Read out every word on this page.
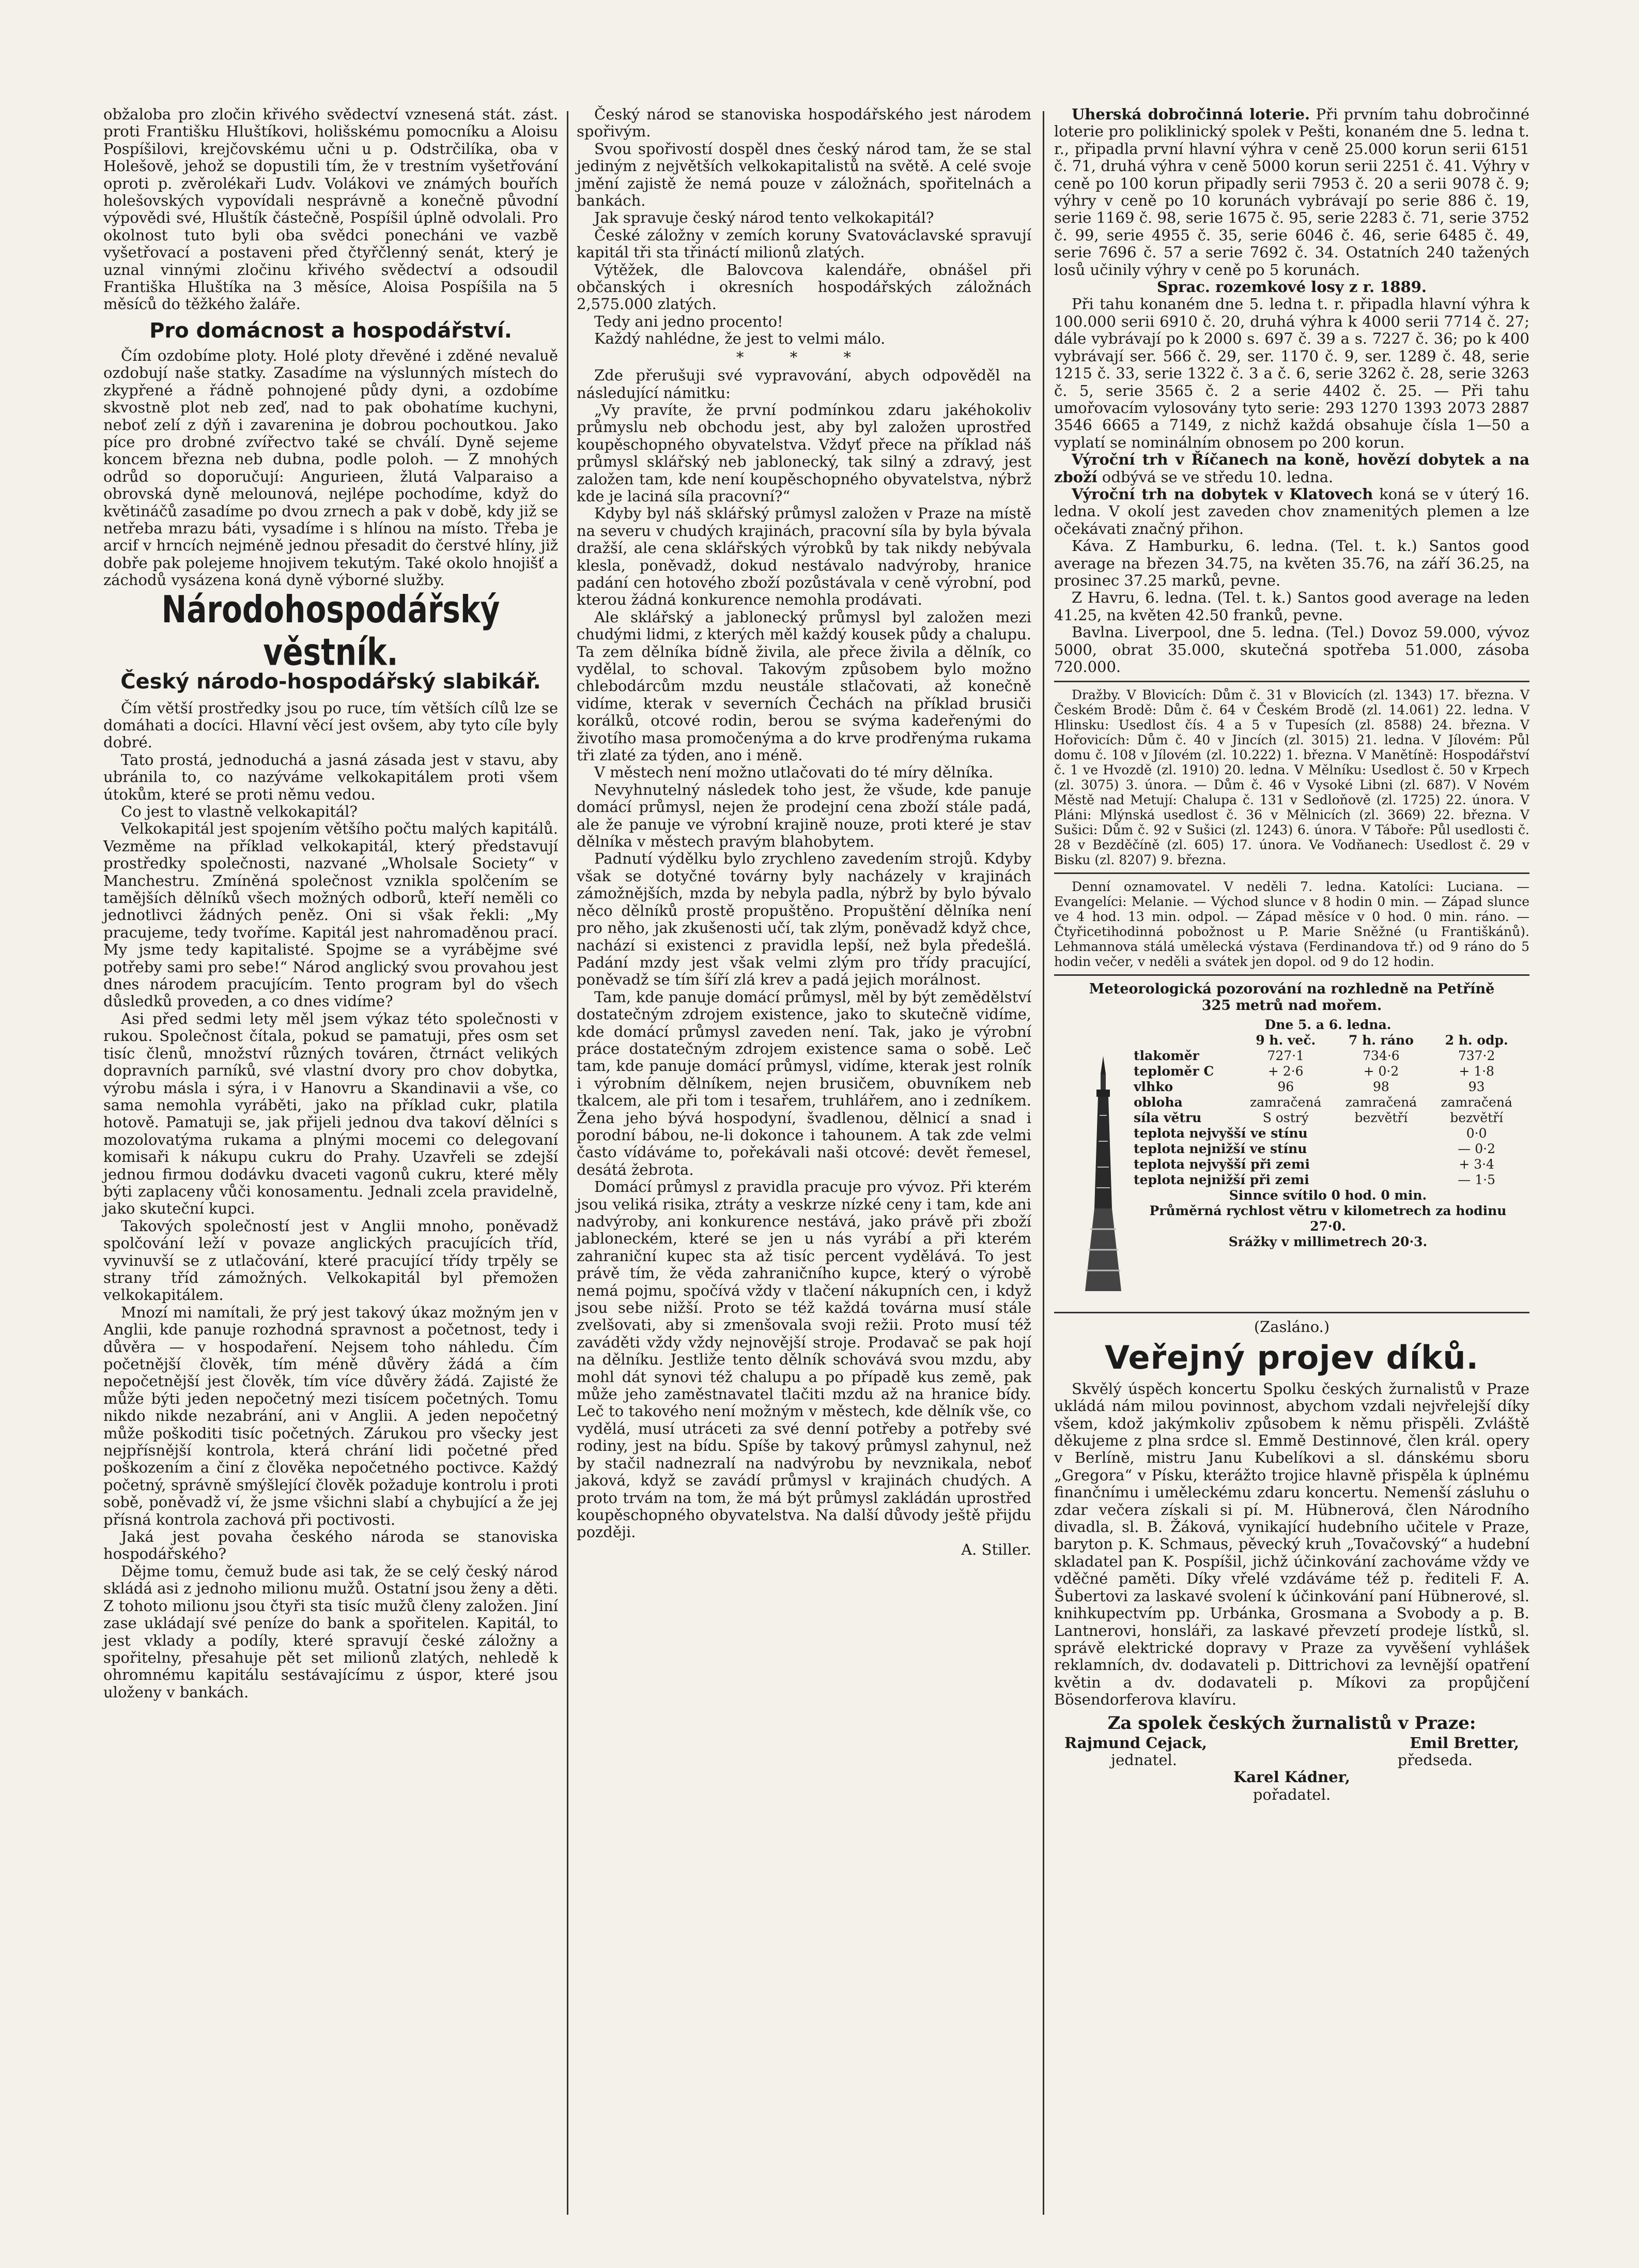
obžaloba pro zločin křivého svědectví vznesená stát. zást. proti Františku Hluštíkovi, holišskému pomocníku a Aloisu Pospíšilovi, krejčovskému učni u p. Odstrčilíka, oba v Holešově, jehož se dopustili tím, že v trestním vyšetřování oproti p. zvěrolékaři Ludv. Volákovi ve známých bouřích holešovských vypovídali nesprávně a konečně původní výpovědi své, Hluštík částečně, Pospíšil úplně odvolali. Pro okolnost tuto byli oba svědci ponecháni ve vazbě vyšetřovací a postaveni před čtyřčlenný senát, který je uznal vinnými zločinu křivého svědectví a odsoudil Františka Hluštíka na 3 měsíce, Aloisa Pospíšila na 5 měsíců do těžkého žaláře.

Pro domácnost a hospodářství.

Čím ozdobíme ploty. Holé ploty dřevěné i zděné nevaluě ozdobují naše statky. Zasadíme na výslunných místech do zkypřené a řádně pohnojené půdy dyni, a ozdobíme skvostně plot neb zeď, nad to pak obohatíme kuchyni, neboť zelí z dýň i zavarenina je dobrou pochoutkou. Jako píce pro drobné zvířectvo také se chválí. Dyně sejeme koncem března neb dubna, podle poloh. — Z mnohých odrůd so doporučují: Angurieen, žlutá Valparaiso a obrovská dyně melounová, nejlépe pochodíme, když do květináčů zasadíme po dvou zrnech a pak v době, kdy již se netřeba mrazu báti, vysadíme i s hlínou na místo. Třeba je arcif v hrncích nejméně jednou přesadit do čerstvé hlíny, již dobře pak polejeme hnojivem tekutým. Také okolo hnojišť a záchodů vysázena koná dyně výborné služby.

Národohospodářský věstník.
Český národo-hospodářský slabikář.

Čím větší prostředky jsou po ruce, tím větších cílů lze se domáhati a docíci. Hlavní věcí jest ovšem, aby tyto cíle byly dobré.

Tato prostá, jednoduchá a jasná zásada jest v stavu, aby ubránila to, co nazýváme velkokapitálem proti všem útokům, které se proti němu vedou.

Co jest to vlastně velkokapitál?

Velkokapitál jest spojením většího počtu malých kapitálů. Vezměme na příklad velkokapitál, který představují prostředky společnosti, nazvané „Wholsale Society“ v Manchestru. Zmíněná společnost vznikla spolčením se tamějších dělníků všech možných odborů, kteří neměli co jednotlivci žádných peněz. Oni si však řekli: „My pracujeme, tedy tvoříme. Kapitál jest nahromaděnou prací. My jsme tedy kapitalisté. Spojme se a vyrábějme své potřeby sami pro sebe!“ Národ anglický svou provahou jest dnes národem pracujícím. Tento program byl do všech důsledků proveden, a co dnes vidíme?

Asi před sedmi lety měl jsem výkaz této společnosti v rukou. Společnost čítala, pokud se pamatuji, přes osm set tisíc členů, množství různých továren, čtrnáct velikých dopravních parníků, své vlastní dvory pro chov dobytka, výrobu másla i sýra, i v Hanovru a Skandinavii a vše, co sama nemohla vyráběti, jako na příklad cukr, platila hotově. Pamatuji se, jak přijeli jednou dva takoví dělníci s mozolovatýma rukama a plnými mocemi co delegovaní komisaři k nákupu cukru do Prahy. Uzavřeli se zdejší jednou firmou dodávku dvaceti vagonů cukru, které měly býti zaplaceny vůči konosamentu. Jednali zcela pravidelně, jako skuteční kupci.

Takových společností jest v Anglii mnoho, poněvadž spolčování leží v povaze anglických pracujících tříd, vyvinuvší se z utlačování, které pracující třídy trpěly se strany tříd zámožných. Velkokapitál byl přemožen velkokapitálem.

Mnozí mi namítali, že prý jest takový úkaz možným jen v Anglii, kde panuje rozhodná spravnost a početnost, tedy i důvěra — v hospodaření. Nejsem toho náhledu. Čím početnější člověk, tím méně důvěry žádá a čím nepočetnější jest člověk, tím více důvěry žádá. Zajisté že může býti jeden nepočetný mezi tisícem početných. Tomu nikdo nikde nezabrání, ani v Anglii. A jeden nepočetný může poškoditi tisíc početných. Zárukou pro všecky jest nejpřísnější kontrola, která chrání lidi početné před poškozením a činí z člověka nepočetného poctivce. Každý početný, správně smýšlející člověk požaduje kontrolu i proti sobě, poněvadž ví, že jsme všichni slabí a chybující a že jej přísná kontrola zachová při poctivosti.

Jaká jest povaha českého národa se stanoviska hospodářského?

Dějme tomu, čemuž bude asi tak, že se celý český národ skládá asi z jednoho milionu mužů. Ostatní jsou ženy a děti. Z tohoto milionu jsou čtyři sta tisíc mužů členy založen. Jiní zase ukládají své peníze do bank a spořitelen. Kapitál, to jest vklady a podíly, které spravují české záložny a spořitelny, přesahuje pět set milionů zlatých, nehledě k ohromnému kapitálu sestávajícímu z úspor, které jsou uloženy v bankách.

Český národ se stanoviska hospodářského jest národem spořivým.

Svou spořivostí dospěl dnes český národ tam, že se stal jediným z největších velkokapitalistů na světě. A celé svoje jmění zajistě že nemá pouze v záložnách, spořitelnách a bankách.

Jak spravuje český národ tento velkokapitál?

České záložny v zemích koruny Svatováclavské spravují kapitál tři sta třináctí milionů zlatých.

Výtěžek, dle Balovcova kalendáře, obnášel při občanských i okresních hospodářských záložnách 2,575.000 zlatých.

Tedy ani jedno procento!

Každý nahlédne, že jest to velmi málo.

* * *

Zde přerušuji své vypravování, abych odpověděl na následující námitku:

„Vy pravíte, že první podmínkou zdaru jakéhokoliv průmyslu neb obchodu jest, aby byl založen uprostřed koupěschopného obyvatelstva. Vždyť přece na příklad náš průmysl sklářský neb jablonecký, tak silný a zdravý, jest založen tam, kde není koupěschopného obyvatelstva, nýbrž kde je laciná síla pracovní?“

Kdyby byl náš sklářský průmysl založen v Praze na místě na severu v chudých krajinách, pracovní síla by byla bývala dražší, ale cena sklářských výrobků by tak nikdy nebývala klesla, poněvadž, dokud nestávalo nadvýroby, hranice padání cen hotového zboží pozůstávala v ceně výrobní, pod kterou žádná konkurence nemohla prodávati.

Ale sklářský a jablonecký průmysl byl založen mezi chudými lidmi, z kterých měl každý kousek půdy a chalupu. Ta zem dělníka bídně živila, ale přece živila a dělník, co vydělal, to schoval. Takovým způsobem bylo možno chlebodárcům mzdu neustále stlačovati, až konečně vidíme, kterak v severních Čechách na příklad brusiči korálků, otcové rodin, berou se svýma kadeřenými do životího masa promočenýma a do krve prodřenýma rukama tři zlaté za týden, ano i méně.

V městech není možno utlačovati do té míry dělníka.

Nevyhnutelný následek toho jest, že všude, kde panuje domácí průmysl, nejen že prodejní cena zboží stále padá, ale že panuje ve výrobní krajině nouze, proti které je stav dělníka v městech pravým blahobytem.

Padnutí výdělku bylo zrychleno zavedením strojů. Kdyby však se dotyčné továrny byly nacházely v krajinách zámožnějších, mzda by nebyla padla, nýbrž by bylo bývalo něco dělníků prostě propuštěno. Propuštění dělníka není pro něho, jak zkušenosti učí, tak zlým, poněvadž když chce, nachází si existenci z pravidla lepší, než byla předešlá. Padání mzdy jest však velmi zlým pro třídy pracující, poněvadž se tím šíří zlá krev a padá jejich morálnost.

Tam, kde panuje domácí průmysl, měl by být zemědělství dostatečným zdrojem existence, jako to skutečně vidíme, kde domácí průmysl zaveden není. Tak, jako je výrobní práce dostatečným zdrojem existence sama o sobě. Leč tam, kde panuje domácí průmysl, vidíme, kterak jest rolník i výrobním dělníkem, nejen brusičem, obuvníkem neb tkalcem, ale při tom i tesařem, truhlářem, ano i zedníkem. Žena jeho bývá hospodyní, švadlenou, dělnicí a snad i porodní bábou, ne-li dokonce i tahounem. A tak zde velmi často vídáváme to, pořekávali naši otcové: devět řemesel, desátá žebrota.

Domácí průmysl z pravidla pracuje pro vývoz. Při kterém jsou veliká risika, ztráty a veskrze nízké ceny i tam, kde ani nadvýroby, ani konkurence nestává, jako právě při zboží jabloneckém, které se jen u nás vyrábí a při kterém zahraniční kupec sta až tisíc percent vydělává. To jest právě tím, že věda zahraničního kupce, který o výrobě nemá pojmu, spočívá vždy v tlačení nákupních cen, i když jsou sebe nižší. Proto se též každá továrna musí stále zvelšovati, aby si zmenšovala svoji režii. Proto musí též zaváděti vždy vždy nejnovější stroje. Prodavač se pak hojí na dělníku. Jestliže tento dělník schovává svou mzdu, aby mohl dát synovi též chalupu a po případě kus země, pak může jeho zaměstnavatel tlačiti mzdu až na hranice bídy. Leč to takového není možným v městech, kde dělník vše, co vydělá, musí utráceti za své denní potřeby a potřeby své rodiny, jest na bídu. Spíše by takový průmysl zahynul, než by stačil nadnezralí na nadvýrobu by nevznikala, neboť jaková, když se zavádí průmysl v krajinách chudých. A proto trvám na tom, že má být průmysl zakládán uprostřed koupěschopného obyvatelstva. Na další důvody ještě přijdu později.

A. Stiller.

Uherská dobročinná loterie. Při prvním tahu dobročinné loterie pro poliklinický spolek v Pešti, konaném dne 5. ledna t. r., připadla první hlavní výhra v ceně 25.000 korun serii 6151 č. 71, druhá výhra v ceně 5000 korun serii 2251 č. 41. Výhry v ceně po 100 korun připadly serii 7953 č. 20 a serii 9078 č. 9; výhry v ceně po 10 korunách vybrávají po serie 886 č. 19, serie 1169 č. 98, serie 1675 č. 95, serie 2283 č. 71, serie 3752 č. 99, serie 4955 č. 35, serie 6046 č. 46, serie 6485 č. 49, serie 7696 č. 57 a serie 7692 č. 34. Ostatních 240 tažených losů učinily výhry v ceně po 5 korunách.

Sprac. rozemkové losy z r. 1889.

Při tahu konaném dne 5. ledna t. r. připadla hlavní výhra k 100.000 serii 6910 č. 20, druhá výhra k 4000 serii 7714 č. 27; dále vybrávají po k 2000 s. 697 č. 39 a s. 7227 č. 36; po k 400 vybrávají ser. 566 č. 29, ser. 1170 č. 9, ser. 1289 č. 48, serie 1215 č. 33, serie 1322 č. 3 a č. 6, serie 3262 č. 28, serie 3263 č. 5, serie 3565 č. 2 a serie 4402 č. 25. — Při tahu umořovacím vylosovány tyto serie: 293 1270 1393 2073 2887 3546 6665 a 7149, z nichž každá obsahuje čísla 1—50 a vyplatí se nominálním obnosem po 200 korun.

Výroční trh v Říčanech na koně, hovězí dobytek a na zboží odbývá se ve středu 10. ledna.

Výroční trh na dobytek v Klatovech koná se v úterý 16. ledna. V okolí jest zaveden chov znamenitých plemen a lze očekávati značný přihon.

Káva. Z Hamburku, 6. ledna. (Tel. t. k.) Santos good average na březen 34.75, na květen 35.76, na září 36.25, na prosinec 37.25 marků, pevne.

Z Havru, 6. ledna. (Tel. t. k.) Santos good average na leden 41.25, na květen 42.50 franků, pevne.

Bavlna. Liverpool, dne 5. ledna. (Tel.) Dovoz 59.000, vývoz 5000, obrat 35.000, skutečná spotřeba 51.000, zásoba 720.000.

Dražby. V Blovicích: Dům č. 31 v Blovicích (zl. 1343) 17. března. V Českém Brodě: Dům č. 64 v Českém Brodě (zl. 14.061) 22. ledna. V Hlinsku: Usedlost čís. 4 a 5 v Tupesích (zl. 8588) 24. března. V Hořovicích: Dům č. 40 v Jincích (zl. 3015) 21. ledna. V Jílovém: Půl domu č. 108 v Jílovém (zl. 10.222) 1. března. V Manětíně: Hospodářství č. 1 ve Hvozdě (zl. 1910) 20. ledna. V Mělníku: Usedlost č. 50 v Krpech (zl. 3075) 3. února. — Dům č. 46 v Vysoké Libni (zl. 687). V Novém Městě nad Metují: Chalupa č. 131 v Sedloňově (zl. 1725) 22. února. V Pláni: Mlýnská usedlost č. 36 v Mělnicích (zl. 3669) 22. března. V Sušici: Dům č. 92 v Sušici (zl. 1243) 6. února. V Táboře: Půl usedlosti č. 28 v Bezděčíně (zl. 605) 17. února. Ve Vodňanech: Usedlost č. 29 v Bisku (zl. 8207) 9. března.

Denní oznamovatel. V neděli 7. ledna. Katolíci: Luciana. — Evangelíci: Melanie. — Východ slunce v 8 hodin 0 min. — Západ slunce ve 4 hod. 13 min. odpol. — Západ měsíce v 0 hod. 0 min. ráno. — Čtyřicetihodinná pobožnost u P. Marie Sněžné (u Františkánů). Lehmannova stálá umělecká výstava (Ferdinandova tř.) od 9 ráno do 5 hodin večer, v neděli a svátek jen dopol. od 9 do 12 hodin.

Meteorologická pozorování na rozhledně na Petříně
325 metrů nad mořem.
Dne 5. a 6. ledna.
	9 h. več.	7 h. ráno	2 h. odp.
tlakoměr	727·1	734·6	737·2
teploměr C	+ 2·6	+ 0·2	+ 1·8
vlhko	96	98	93
obloha	zamračená	zamračená	zamračená
síla větru	S ostrý	bezvětří	bezvětří
teplota nejvyšší ve stínu			0·0
teplota nejnižší ve stínu			— 0·2
teplota nejvyšší při zemi			+ 3·4
teplota nejnižší při zemi			— 1·5
Sinnce svítilo 0 hod. 0 min.
Průměrná rychlost větru v kilometrech za hodinu 27·0.
Srážky v millimetrech 20·3.
(Zasláno.)
Veřejný projev díků.

Skvělý úspěch koncertu Spolku českých žurnalistů v Praze ukládá nám milou povinnost, abychom vzdali nejvřelejší díky všem, kdož jakýmkoliv způsobem k němu přispěli. Zvláště děkujeme z plna srdce sl. Emmě Destinnové, člen král. opery v Berlíně, mistru Janu Kubelíkovi a sl. dánskému sboru „Gregora“ v Písku, kterážto trojice hlavně přispěla k úplnému finančnímu i uměleckému zdaru koncertu. Nemenší zásluhu o zdar večera získali si pí. M. Hübnerová, člen Národního divadla, sl. B. Žáková, vynikající hudebního učitele v Praze, baryton p. K. Schmaus, pěvecký kruh „Tovačovský“ a hudební skladatel pan K. Pospíšil, jichž účinkování zachováme vždy ve vděčné paměti. Díky vřelé vzdáváme též p. řediteli F. A. Šubertovi za laskavé svolení k účinkování paní Hübnerové, sl. knihkupectvím pp. Urbánka, Grosmana a Svobody a p. B. Lantnerovi, honsláři, za laskavé převzetí prodeje lístků, sl. správě elektrické dopravy v Praze za vyvěšení vyhlášek reklamních, dv. dodavateli p. Dittrichovi za levnější opatření květin a dv. dodavateli p. Míkovi za propůjčení Bösendorferova klavíru.

Za spolek českých žurnalistů v Praze:
Rajmund Cejack,	Emil Bretter,
jednatel.	předseda.
Karel Kádner,
pořadatel.
